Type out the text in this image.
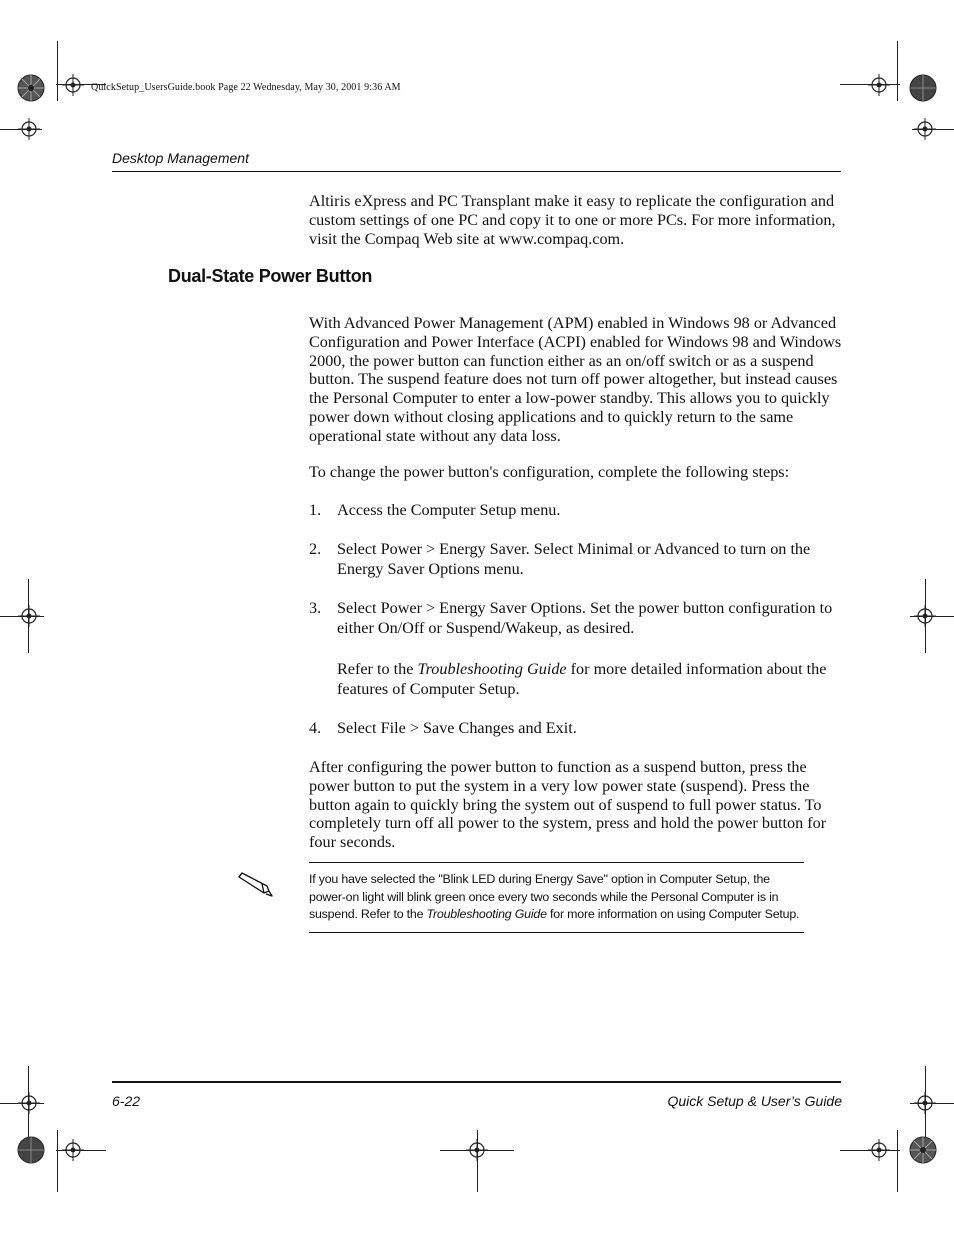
QuickSetup_UsersGuide.book Page 22 Wednesday, May 30, 2001 9:36 AM
Desktop Management

Altiris eXpress and PC Transplant make it easy to replicate the configuration and custom settings of one PC and copy it to one or more PCs. For more information, visit the Compaq Web site at www.compaq.com.

Dual-State Power Button

With Advanced Power Management (APM) enabled in Windows 98 or Advanced Configuration and Power Interface (ACPI) enabled for Windows 98 and Windows 2000, the power button can function either as an on/off switch or as a suspend button. The suspend feature does not turn off power altogether, but instead causes the Personal Computer to enter a low-power standby. This allows you to quickly power down without closing applications and to quickly return to the same operational state without any data loss.

To change the power button's configuration, complete the following steps:

1. Access the Computer Setup menu.
2. Select Power > Energy Saver. Select Minimal or Advanced to turn on the Energy Saver Options menu.
3. Select Power > Energy Saver Options. Set the power button configuration to either On/Off or Suspend/Wakeup, as desired.
Refer to the Troubleshooting Guide for more detailed information about the features of Computer Setup.
4. Select File > Save Changes and Exit.

After configuring the power button to function as a suspend button, press the power button to put the system in a very low power state (suspend). Press the button again to quickly bring the system out of suspend to full power status. To completely turn off all power to the system, press and hold the power button for four seconds.

If you have selected the "Blink LED during Energy Save" option in Computer Setup, the power-on light will blink green once every two seconds while the Personal Computer is in suspend. Refer to the Troubleshooting Guide for more information on using Computer Setup.
6-22	Quick Setup & User’s Guide
